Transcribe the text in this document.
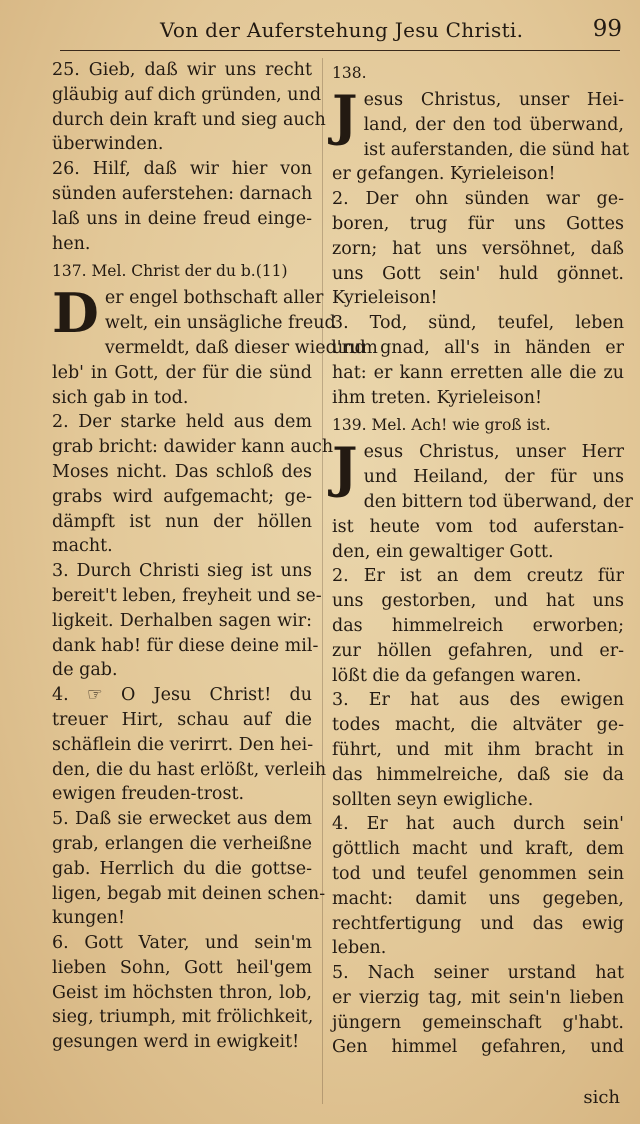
Von der Auferstehung Jesu Christi.	99
25. Gieb, daß wir uns recht
gläubig auf dich gründen, und
durch dein kraft und sieg auch
überwinden.
26. Hilf, daß wir hier von
sünden auferstehen: darnach
laß uns in deine freud einge-
hen.
137. Mel. Christ der du b.(11)
D er engel bothschaft aller
welt, ein unsägliche freud
vermeldt, daß dieser wied'rum
leb' in Gott, der für die sünd
sich gab in tod.
2. Der starke held aus dem
grab bricht: dawider kann auch
Moses nicht. Das schloß des
grabs wird aufgemacht; ge-
dämpft ist nun der höllen
macht.
3. Durch Christi sieg ist uns
bereit't leben, freyheit und se-
ligkeit. Derhalben sagen wir:
dank hab! für diese deine mil-
de gab.
4. ☞ O Jesu Christ! du
treuer Hirt, schau auf die
schäflein die verirrt. Den hei-
den, die du hast erlößt, verleih
ewigen freuden-trost.
5. Daß sie erwecket aus dem
grab, erlangen die verheißne
gab. Herrlich du die gottse-
ligen, begab mit deinen schen-
kungen!
6. Gott Vater, und sein'm
lieben Sohn, Gott heil'gem
Geist im höchsten thron, lob,
sieg, triumph, mit frölichkeit,
gesungen werd in ewigkeit!
138.
J esus Christus, unser Hei-
land, der den tod überwand,
ist auferstanden, die sünd hat
er gefangen. Kyrieleison!
2. Der ohn sünden war ge-
boren, trug für uns Gottes
zorn; hat uns versöhnet, daß
uns Gott sein' huld gönnet.
Kyrieleison!
3. Tod, sünd, teufel, leben
und gnad, all's in händen er
hat: er kann erretten alle die zu
ihm treten. Kyrieleison!
139. Mel. Ach! wie groß ist.
J esus Christus, unser Herr
und Heiland, der für uns
den bittern tod überwand, der
ist heute vom tod auferstan-
den, ein gewaltiger Gott.
2. Er ist an dem creutz für
uns gestorben, und hat uns
das himmelreich erworben;
zur höllen gefahren, und er-
lößt die da gefangen waren.
3. Er hat aus des ewigen
todes macht, die altväter ge-
führt, und mit ihm bracht in
das himmelreiche, daß sie da
sollten seyn ewigliche.
4. Er hat auch durch sein'
göttlich macht und kraft, dem
tod und teufel genommen sein
macht: damit uns gegeben,
rechtfertigung und das ewig
leben.
5. Nach seiner urstand hat
er vierzig tag, mit sein'n lieben
jüngern gemeinschaft g'habt.
Gen himmel gefahren, und
sich
